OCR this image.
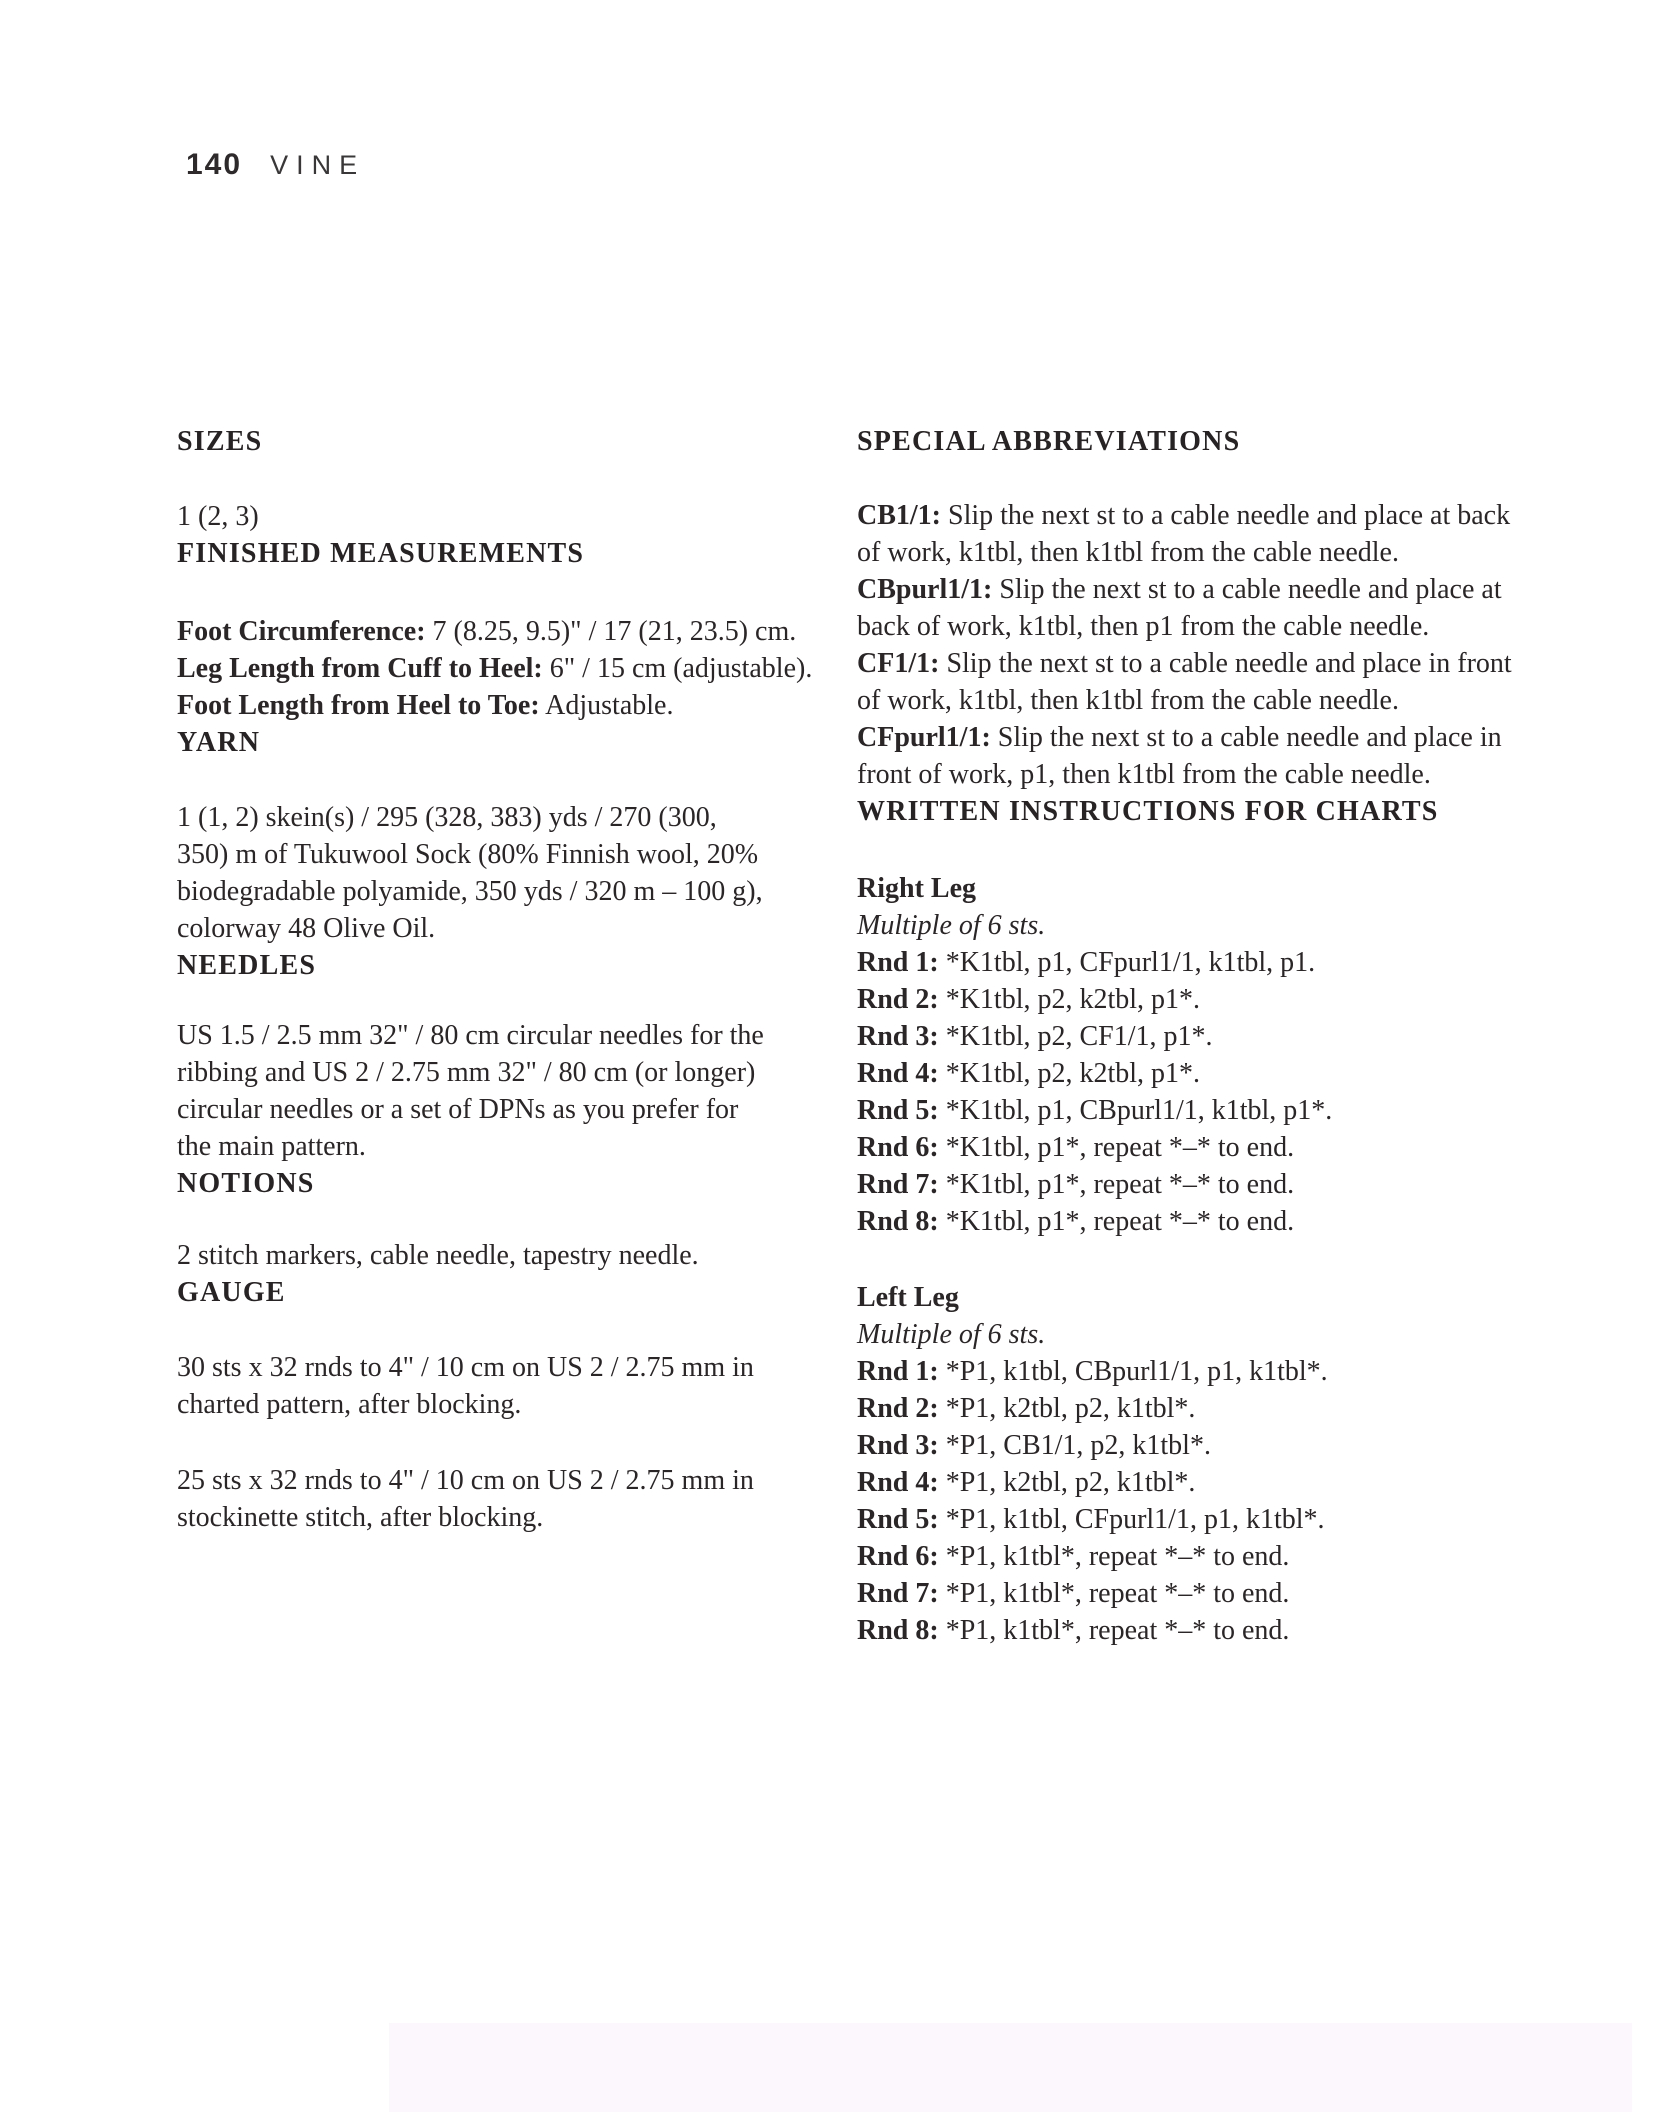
140 VINE
SIZES

1 (2, 3)

FINISHED MEASUREMENTS

Foot Circumference: 7 (8.25, 9.5)" / 17 (21, 23.5) cm.

Leg Length from Cuff to Heel: 6" / 15 cm (adjustable).

Foot Length from Heel to Toe: Adjustable.

YARN

1 (1, 2) skein(s) / 295 (328, 383) yds / 270 (300,

350) m of Tukuwool Sock (80% Finnish wool, 20%

biodegradable polyamide, 350 yds / 320 m – 100 g),

colorway 48 Olive Oil.

NEEDLES

US 1.5 / 2.5 mm 32" / 80 cm circular needles for the

ribbing and US 2 / 2.75 mm 32" / 80 cm (or longer)

circular needles or a set of DPNs as you prefer for

the main pattern.

NOTIONS

2 stitch markers, cable needle, tapestry needle.

GAUGE

30 sts x 32 rnds to 4" / 10 cm on US 2 / 2.75 mm in

charted pattern, after blocking.

25 sts x 32 rnds to 4" / 10 cm on US 2 / 2.75 mm in

stockinette stitch, after blocking.

SPECIAL ABBREVIATIONS

CB1/1: Slip the next st to a cable needle and place at back of work, k1tbl, then k1tbl from the cable needle.

CBpurl1/1: Slip the next st to a cable needle and place at back of work, k1tbl, then p1 from the cable needle.

CF1/1: Slip the next st to a cable needle and place in front of work, k1tbl, then k1tbl from the cable needle.

CFpurl1/1: Slip the next st to a cable needle and place in front of work, p1, then k1tbl from the cable needle.

WRITTEN INSTRUCTIONS FOR CHARTS

Right Leg

Multiple of 6 sts.

Rnd 1: *K1tbl, p1, CFpurl1/1, k1tbl, p1.

Rnd 2: *K1tbl, p2, k2tbl, p1*.

Rnd 3: *K1tbl, p2, CF1/1, p1*.

Rnd 4: *K1tbl, p2, k2tbl, p1*.

Rnd 5: *K1tbl, p1, CBpurl1/1, k1tbl, p1*.

Rnd 6: *K1tbl, p1*, repeat *–* to end.

Rnd 7: *K1tbl, p1*, repeat *–* to end.

Rnd 8: *K1tbl, p1*, repeat *–* to end.

Left Leg

Multiple of 6 sts.

Rnd 1: *P1, k1tbl, CBpurl1/1, p1, k1tbl*.

Rnd 2: *P1, k2tbl, p2, k1tbl*.

Rnd 3: *P1, CB1/1, p2, k1tbl*.

Rnd 4: *P1, k2tbl, p2, k1tbl*.

Rnd 5: *P1, k1tbl, CFpurl1/1, p1, k1tbl*.

Rnd 6: *P1, k1tbl*, repeat *–* to end.

Rnd 7: *P1, k1tbl*, repeat *–* to end.

Rnd 8: *P1, k1tbl*, repeat *–* to end.
